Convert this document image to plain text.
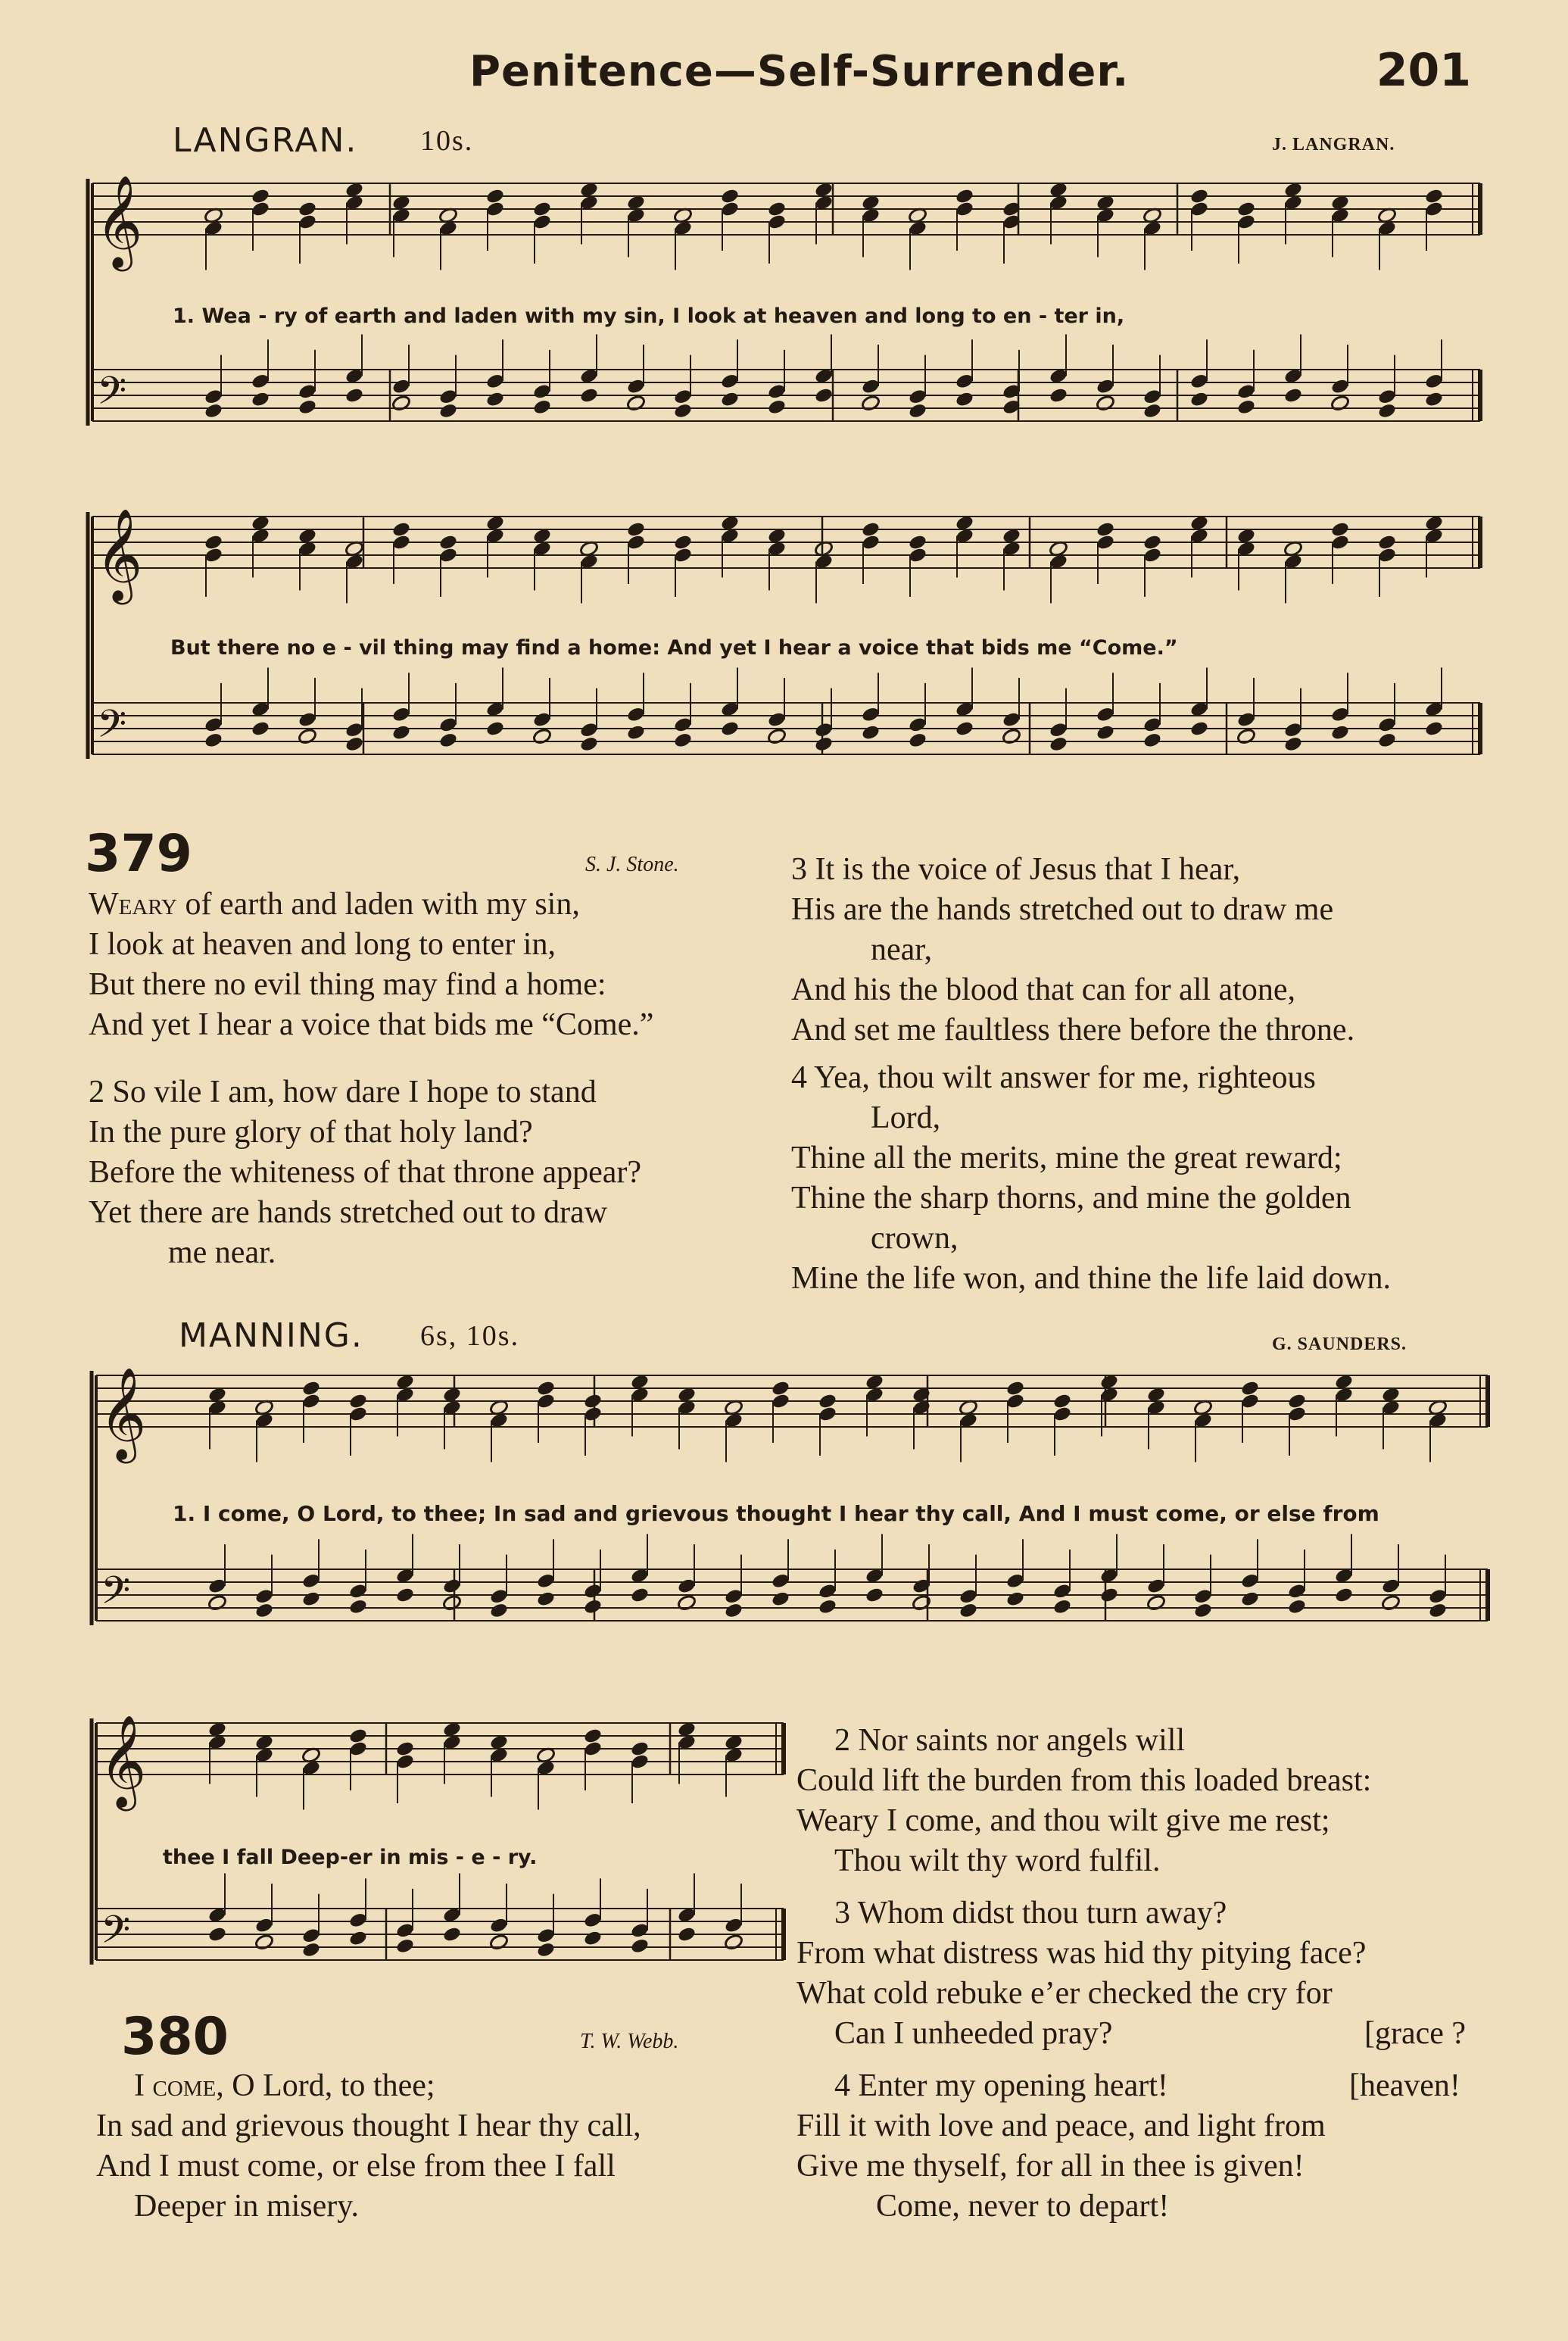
Penitence—Self-Surrender.	201
LANGRAN. 10s.	J. LANGRAN.
𝄞
𝄢
𝄞
𝄢
𝄞
𝄢
𝄞
𝄢
1. Wea - ry of earth and laden with my sin, I look at heaven and long to en - ter in,
But there no e - vil thing may find a home: And yet I hear a voice that bids me “Come.”
379	S. J. Stone.
Weary of earth and laden with my sin,
I look at heaven and long to enter in,
But there no evil thing may find a home:
And yet I hear a voice that bids me “Come.”
2 So vile I am, how dare I hope to stand
In the pure glory of that holy land?
Before the whiteness of that throne appear?
Yet there are hands stretched out to draw
me near.
3 It is the voice of Jesus that I hear,
His are the hands stretched out to draw me
near,
And his the blood that can for all atone,
And set me faultless there before the throne.
4 Yea, thou wilt answer for me, righteous
Lord,
Thine all the merits, mine the great reward;
Thine the sharp thorns, and mine the golden
crown,
Mine the life won, and thine the life laid down.
MANNING. 6s, 10s.	G. SAUNDERS.
1. I come, O Lord, to thee; In sad and grievous thought I hear thy call, And I must come, or else from
thee I fall Deep-er in mis - e - ry.
380	T. W. Webb.
I come, O Lord, to thee;
In sad and grievous thought I hear thy call,
And I must come, or else from thee I fall
Deeper in misery.
2 Nor saints nor angels will
Could lift the burden from this loaded breast:
Weary I come, and thou wilt give me rest;
Thou wilt thy word fulfil.
3 Whom didst thou turn away?
From what distress was hid thy pitying face?
What cold rebuke e’er checked the cry for
Can I unheeded pray?	[grace ?
4 Enter my opening heart!	[heaven!
Fill it with love and peace, and light from
Give me thyself, for all in thee is given!
Come, never to depart!
